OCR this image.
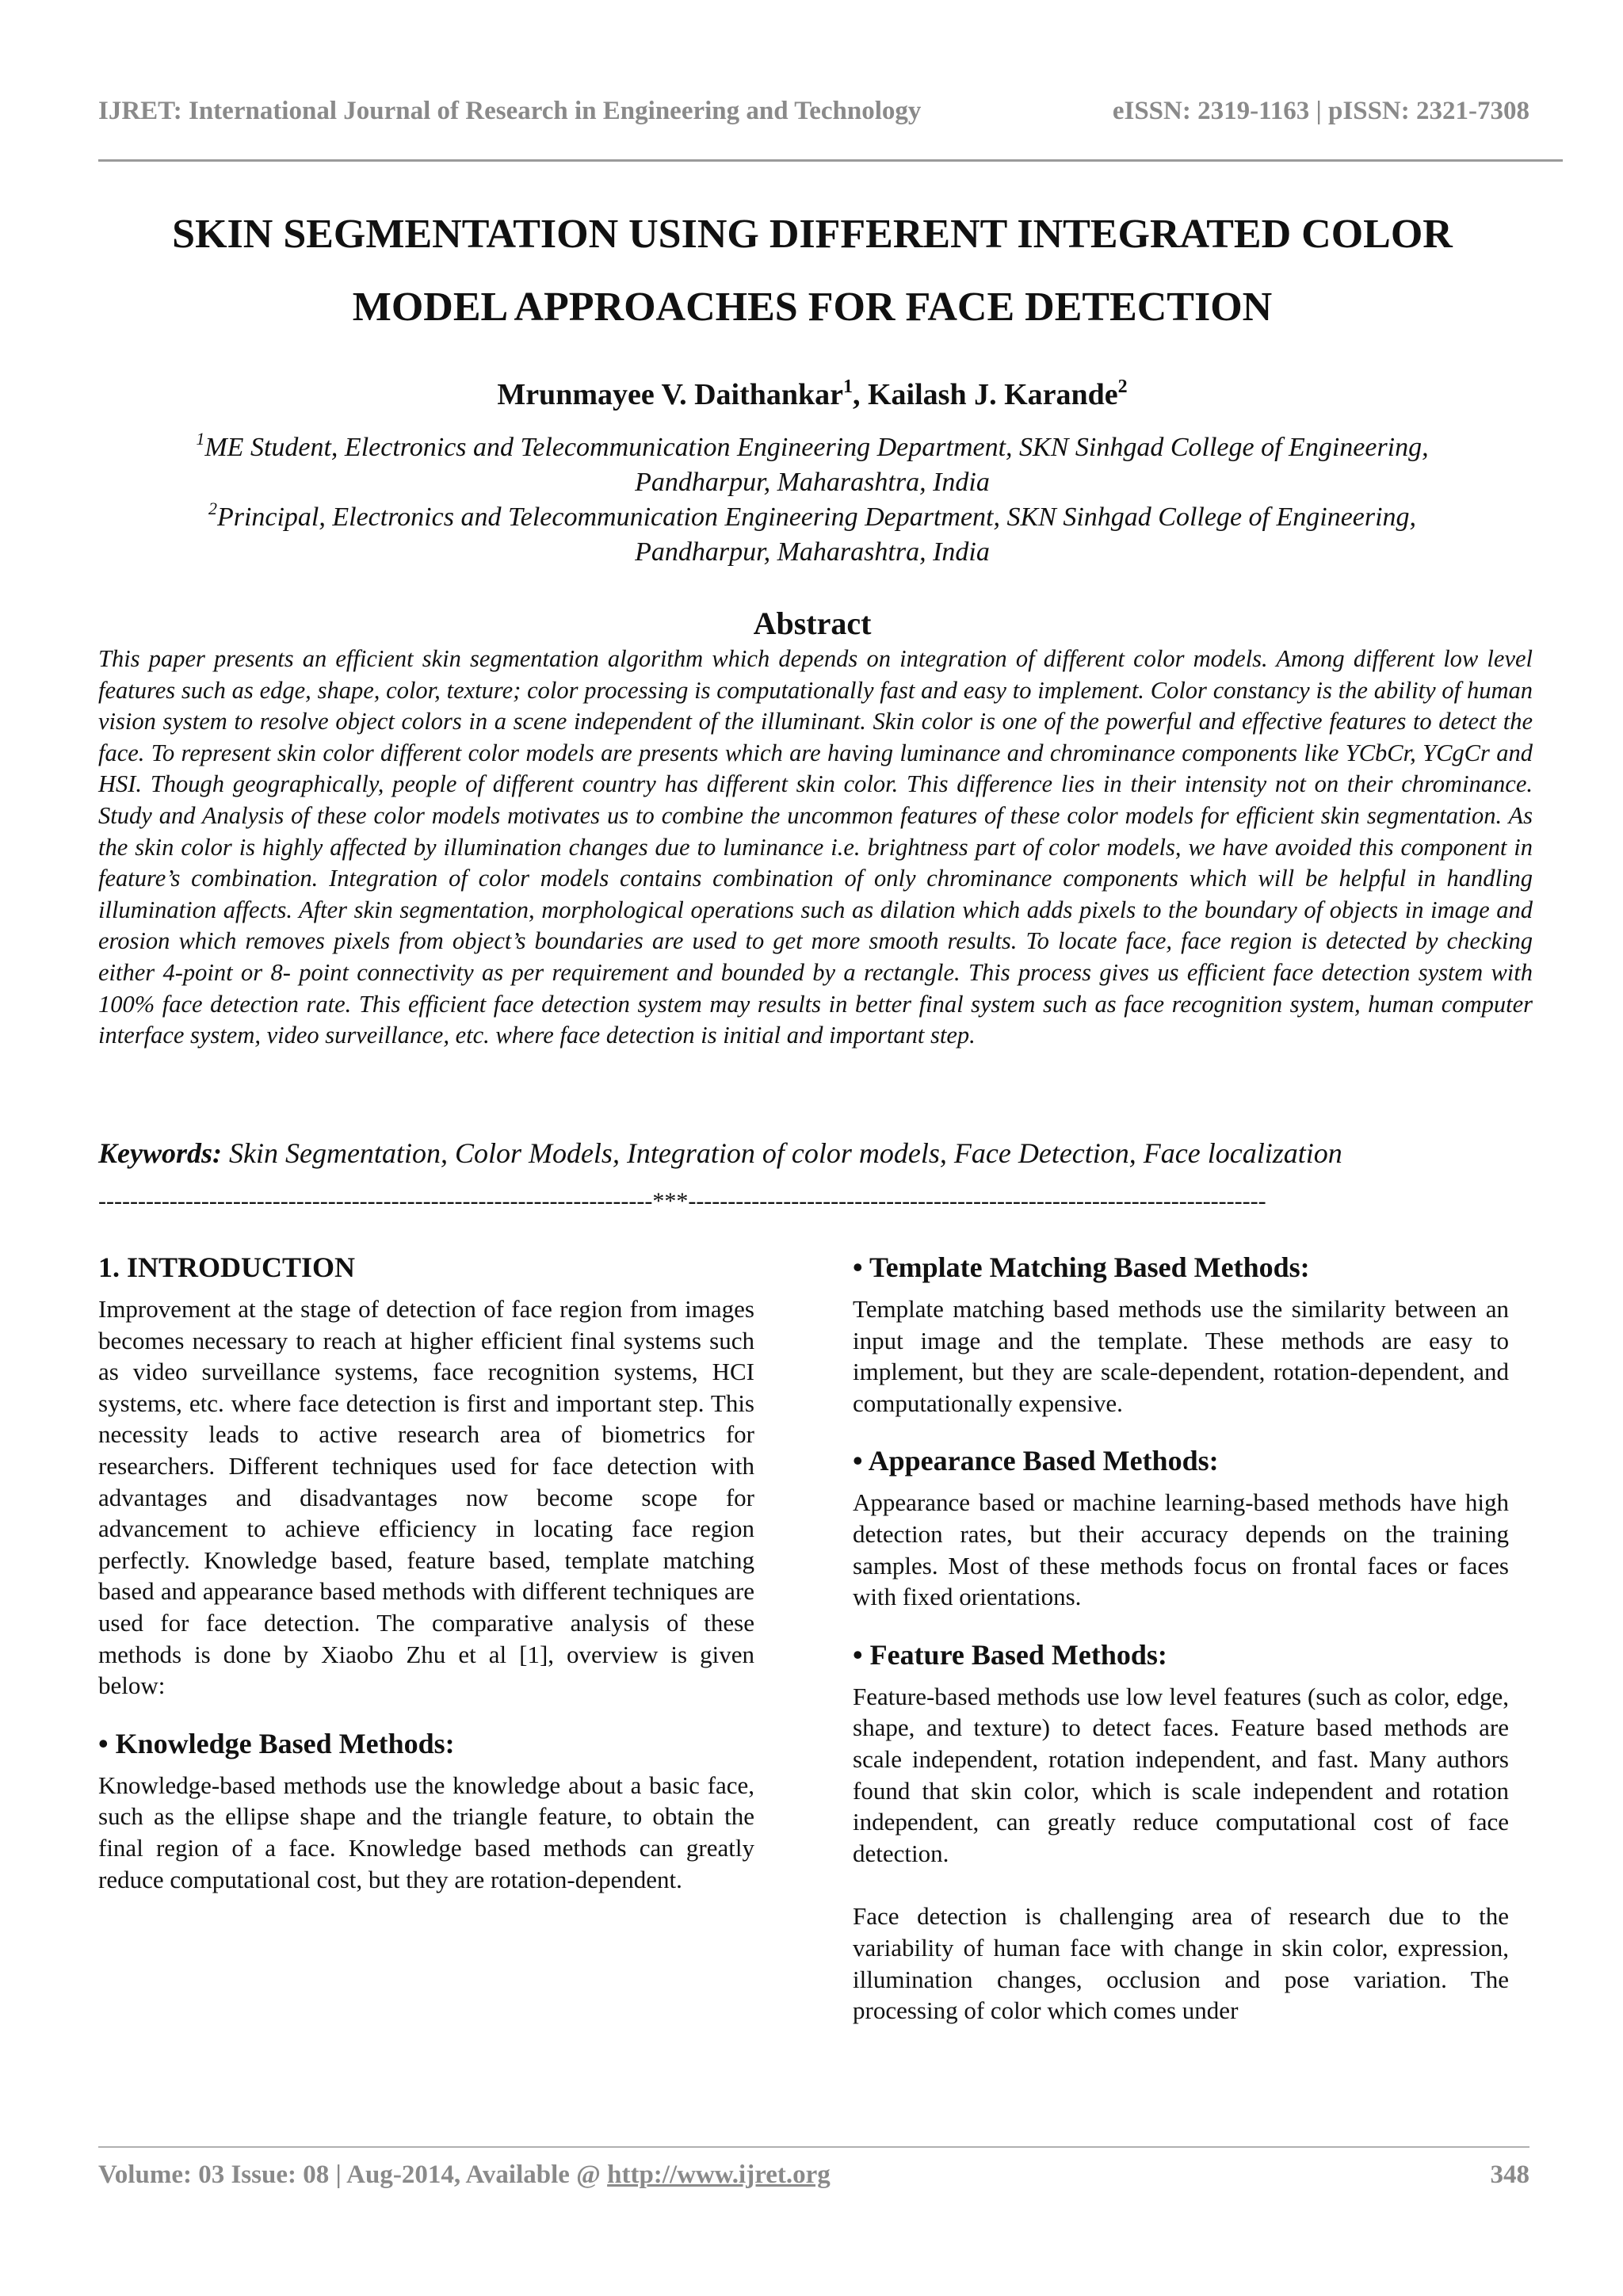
IJRET: International Journal of Research in Engineering and Technology	eISSN: 2319-1163 | pISSN: 2321-7308
SKIN SEGMENTATION USING DIFFERENT INTEGRATED COLOR
MODEL APPROACHES FOR FACE DETECTION
Mrunmayee V. Daithankar$^1$, Kailash J. Karande$^2$
$^1$ME Student, Electronics and Telecommunication Engineering Department, SKN Sinhgad College of Engineering,
Pandharpur, Maharashtra, India
$^2$Principal, Electronics and Telecommunication Engineering Department, SKN Sinhgad College of Engineering,
Pandharpur, Maharashtra, India
Abstract
This paper presents an efficient skin segmentation algorithm which depends on integration of different color models. Among different low level features such as edge, shape, color, texture; color processing is computationally fast and easy to implement. Color constancy is the ability of human vision system to resolve object colors in a scene independent of the illuminant. Skin color is one of the powerful and effective features to detect the face. To represent skin color different color models are presents which are having luminance and chrominance components like YCbCr, YCgCr and HSI. Though geographically, people of different country has different skin color. This difference lies in their intensity not on their chrominance. Study and Analysis of these color models motivates us to combine the uncommon features of these color models for efficient skin segmentation. As the skin color is highly affected by illumination changes due to luminance i.e. brightness part of color models, we have avoided this component in feature’s combination. Integration of color models contains combination of only chrominance components which will be helpful in handling illumination affects. After skin segmentation, morphological operations such as dilation which adds pixels to the boundary of objects in image and erosion which removes pixels from object’s boundaries are used to get more smooth results. To locate face, face region is detected by checking either 4-point or 8- point connectivity as per requirement and bounded by a rectangle. This process gives us efficient face detection system with 100% face detection rate. This efficient face detection system may results in better final system such as face recognition system, human computer interface system, video surveillance, etc. where face detection is initial and important step.
Keywords: Skin Segmentation, Color Models, Integration of color models, Face Detection, Face localization
----------------------------------------------------------------------***-------------------------------------------------------------------------

1. INTRODUCTION

Improvement at the stage of detection of face region from images becomes necessary to reach at higher efficient final systems such as video surveillance systems, face recognition systems, HCI systems, etc. where face detection is first and important step. This necessity leads to active research area of biometrics for researchers. Different techniques used for face detection with advantages and disadvantages now become scope for advancement to achieve efficiency in locating face region perfectly. Knowledge based, feature based, template matching based and appearance based methods with different techniques are used for face detection. The comparative analysis of these methods is done by Xiaobo Zhu et al [1], overview is given below:

• Knowledge Based Methods:

Knowledge-based methods use the knowledge about a basic face, such as the ellipse shape and the triangle feature, to obtain the final region of a face. Knowledge based methods can greatly reduce computational cost, but they are rotation-dependent.

• Template Matching Based Methods:

Template matching based methods use the similarity between an input image and the template. These methods are easy to implement, but they are scale-dependent, rotation-dependent, and computationally expensive.

• Appearance Based Methods:

Appearance based or machine learning-based methods have high detection rates, but their accuracy depends on the training samples. Most of these methods focus on frontal faces or faces with fixed orientations.

• Feature Based Methods:

Feature-based methods use low level features (such as color, edge, shape, and texture) to detect faces. Feature based methods are scale independent, rotation independent, and fast. Many authors found that skin color, which is scale independent and rotation independent, can greatly reduce computational cost of face detection.

Face detection is challenging area of research due to the variability of human face with change in skin color, expression, illumination changes, occlusion and pose variation. The processing of color which comes under

Volume: 03 Issue: 08 | Aug-2014, Available @ http://www.ijret.org	348
